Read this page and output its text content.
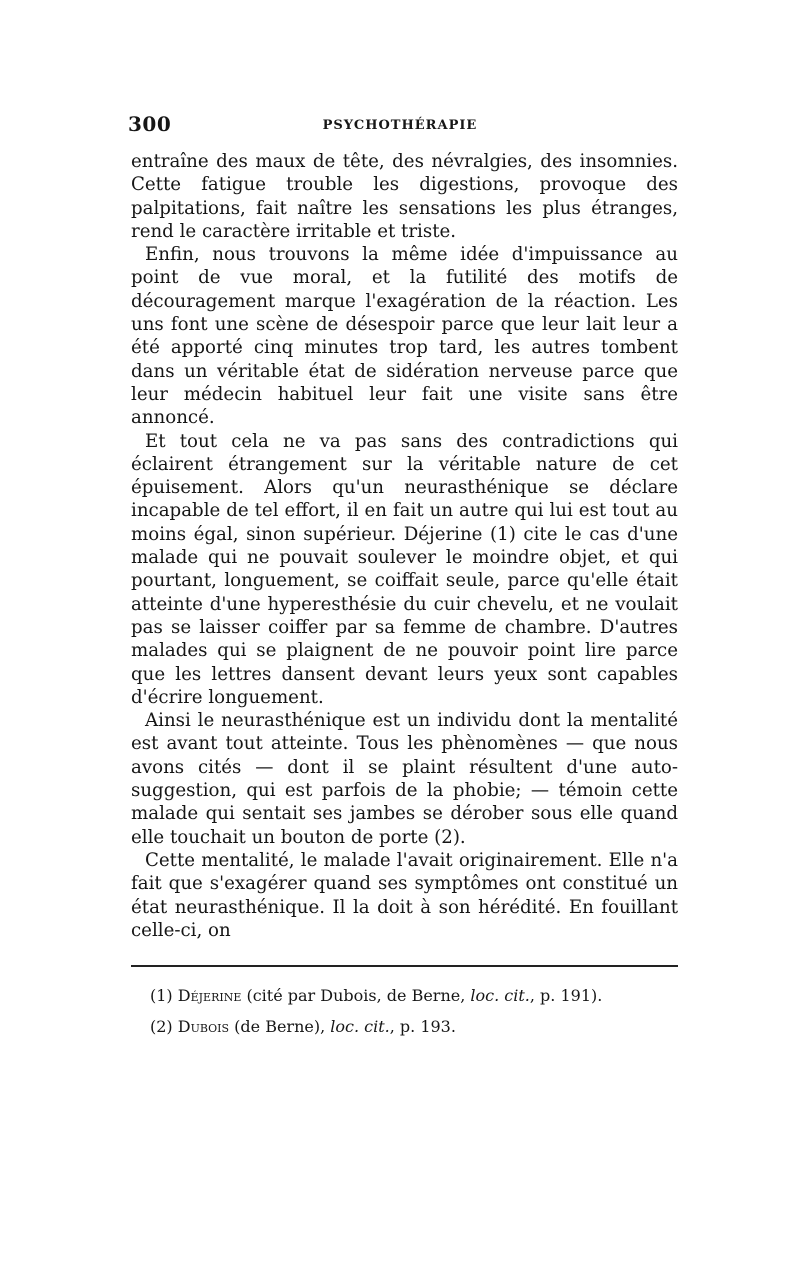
300	PSYCHOTHÉRAPIE

entraîne des maux de tête, des névralgies, des insomnies. Cette fatigue trouble les digestions, provoque des palpitations, fait naître les sensations les plus étranges, rend le caractère irritable et triste.

Enfin, nous trouvons la même idée d'impuissance au point de vue moral, et la futilité des motifs de découragement marque l'exagération de la réaction. Les uns font une scène de désespoir parce que leur lait leur a été apporté cinq minutes trop tard, les autres tombent dans un véritable état de sidération nerveuse parce que leur médecin habituel leur fait une visite sans être annoncé.

Et tout cela ne va pas sans des contradictions qui éclairent étrangement sur la véritable nature de cet épuisement. Alors qu'un neurasthénique se déclare incapable de tel effort, il en fait un autre qui lui est tout au moins égal, sinon supérieur. Déjerine (1) cite le cas d'une malade qui ne pouvait soulever le moindre objet, et qui pourtant, longuement, se coiffait seule, parce qu'elle était atteinte d'une hyperesthésie du cuir chevelu, et ne voulait pas se laisser coiffer par sa femme de chambre. D'autres malades qui se plaignent de ne pouvoir point lire parce que les lettres dansent devant leurs yeux sont capables d'écrire longuement.

Ainsi le neurasthénique est un individu dont la mentalité est avant tout atteinte. Tous les phènomènes — que nous avons cités — dont il se plaint résultent d'une auto-suggestion, qui est parfois de la phobie; — témoin cette malade qui sentait ses jambes se dérober sous elle quand elle touchait un bouton de porte (2).

Cette mentalité, le malade l'avait originairement. Elle n'a fait que s'exagérer quand ses symptômes ont constitué un état neurasthénique. Il la doit à son hérédité. En fouillant celle-ci, on

(1) Déjerine (cité par Dubois, de Berne, loc. cit., p. 191).
(2) Dubois (de Berne), loc. cit., p. 193.
